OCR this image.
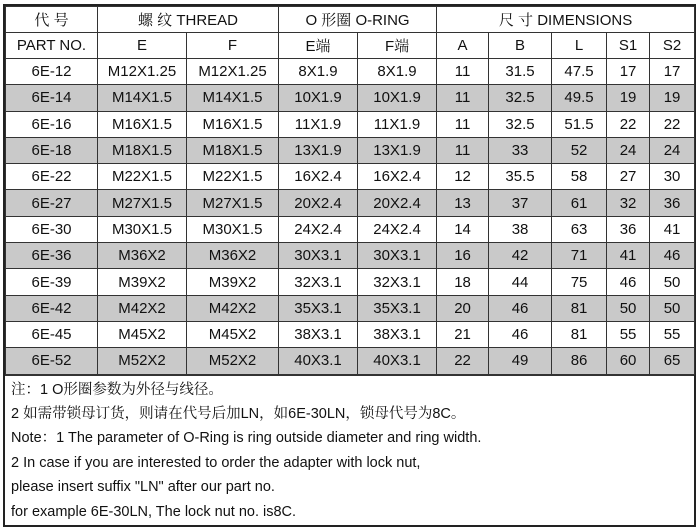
代 号	螺 纹 THREAD		O 形圈 O-RING		尺 寸 DIMENSIONS				
PART NO.	E	F	E端	F端	A	B	L	S1	S2
6E-12	M12X1.25	M12X1.25	8X1.9	8X1.9	11	31.5	47.5	17	17
6E-14	M14X1.5	M14X1.5	10X1.9	10X1.9	11	32.5	49.5	19	19
6E-16	M16X1.5	M16X1.5	11X1.9	11X1.9	11	32.5	51.5	22	22
6E-18	M18X1.5	M18X1.5	13X1.9	13X1.9	11	33	52	24	24
6E-22	M22X1.5	M22X1.5	16X2.4	16X2.4	12	35.5	58	27	30
6E-27	M27X1.5	M27X1.5	20X2.4	20X2.4	13	37	61	32	36
6E-30	M30X1.5	M30X1.5	24X2.4	24X2.4	14	38	63	36	41
6E-36	M36X2	M36X2	30X3.1	30X3.1	16	42	71	41	46
6E-39	M39X2	M39X2	32X3.1	32X3.1	18	44	75	46	50
6E-42	M42X2	M42X2	35X3.1	35X3.1	20	46	81	50	50
6E-45	M45X2	M45X2	38X3.1	38X3.1	21	46	81	55	55
6E-52	M52X2	M52X2	40X3.1	40X3.1	22	49	86	60	65
注：1 O形圈参数为外径与线径。
2 如需带锁母订货，则请在代号后加LN，如6E-30LN，锁母代号为8C。
Note：1 The parameter of O-Ring is ring outside diameter and ring width.
2 In case if you are interested to order the adapter with lock nut,
please insert suffix "LN" after our part no.
for example 6E-30LN, The lock nut no. is8C.
